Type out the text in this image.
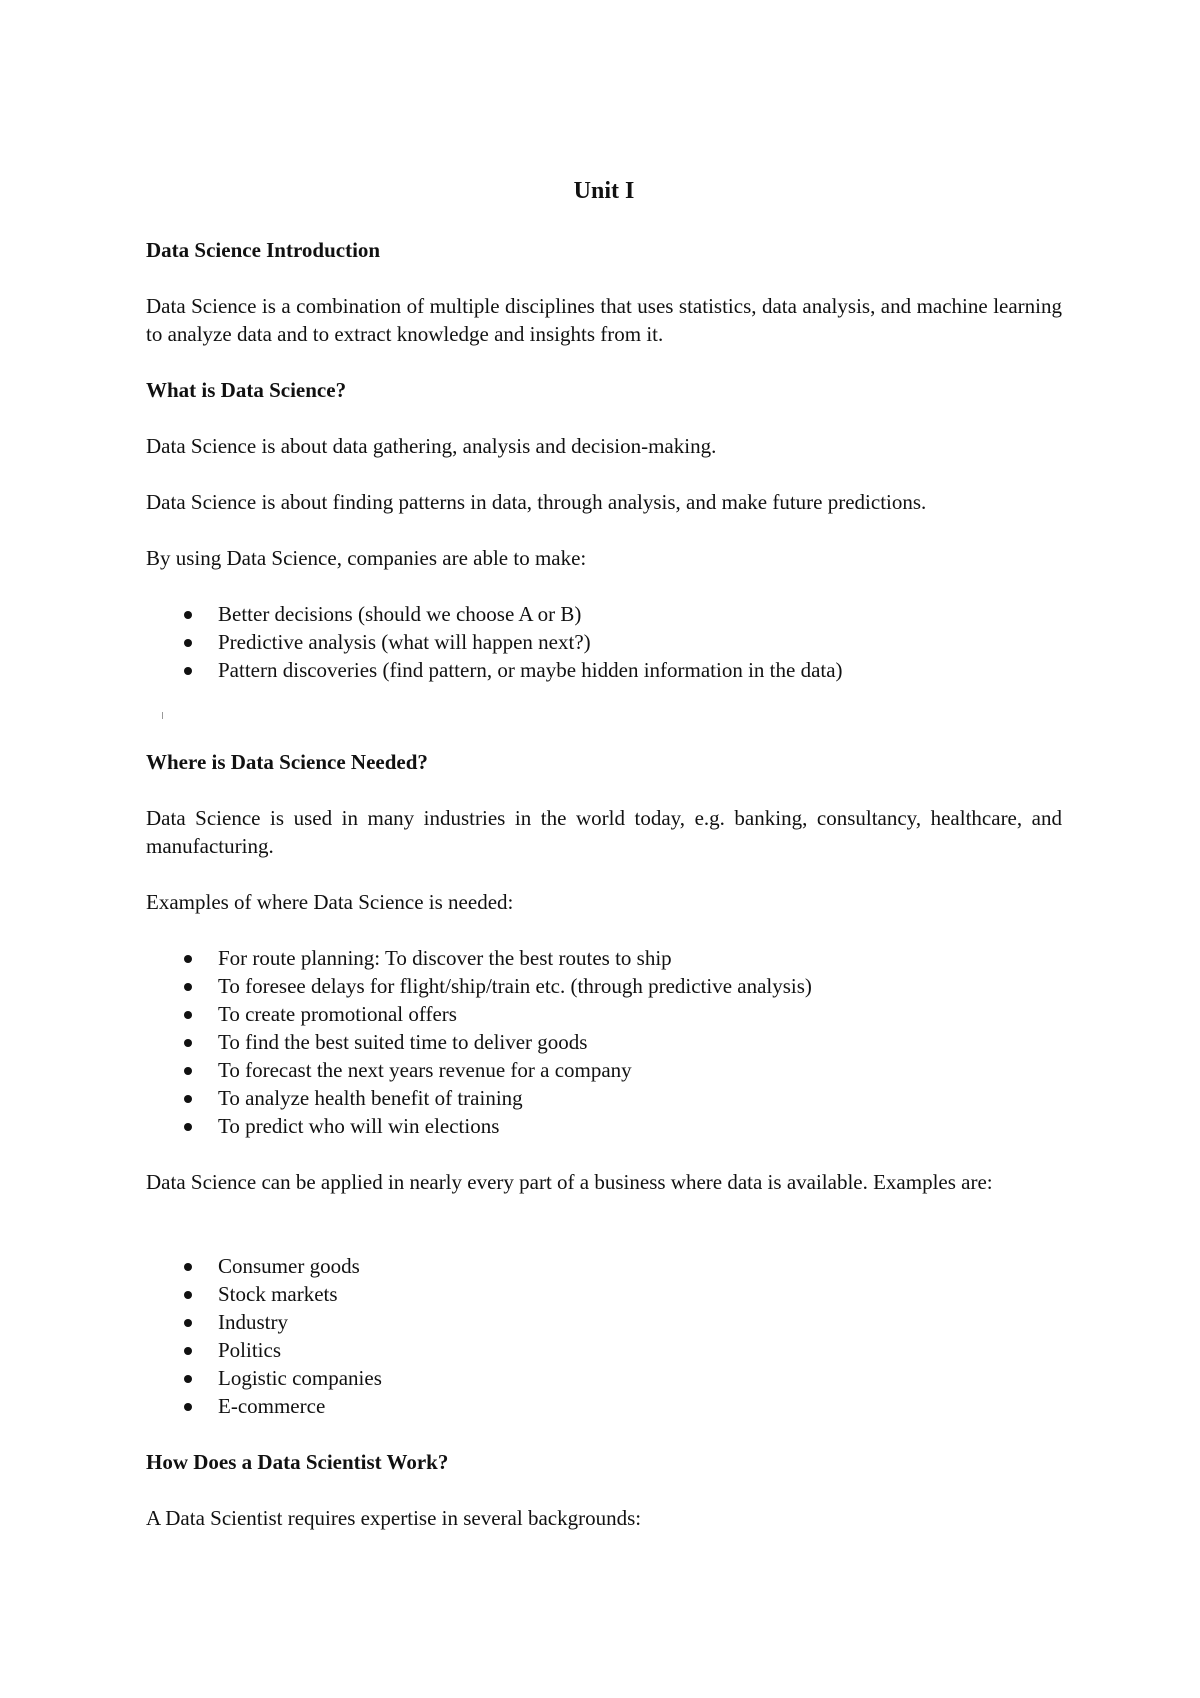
Unit I
Data Science Introduction
Data Science is a combination of multiple disciplines that uses statistics, data analysis, and machine learning to analyze data and to extract knowledge and insights from it.
What is Data Science?
Data Science is about data gathering, analysis and decision-making.
Data Science is about finding patterns in data, through analysis, and make future predictions.
By using Data Science, companies are able to make:
Better decisions (should we choose A or B)
Predictive analysis (what will happen next?)
Pattern discoveries (find pattern, or maybe hidden information in the data)
Where is Data Science Needed?
Data Science is used in many industries in the world today, e.g. banking, consultancy, healthcare, and manufacturing.
Examples of where Data Science is needed:
For route planning: To discover the best routes to ship
To foresee delays for flight/ship/train etc. (through predictive analysis)
To create promotional offers
To find the best suited time to deliver goods
To forecast the next years revenue for a company
To analyze health benefit of training
To predict who will win elections
Data Science can be applied in nearly every part of a business where data is available. Examples are:
Consumer goods
Stock markets
Industry
Politics
Logistic companies
E-commerce
How Does a Data Scientist Work?
A Data Scientist requires expertise in several backgrounds:
